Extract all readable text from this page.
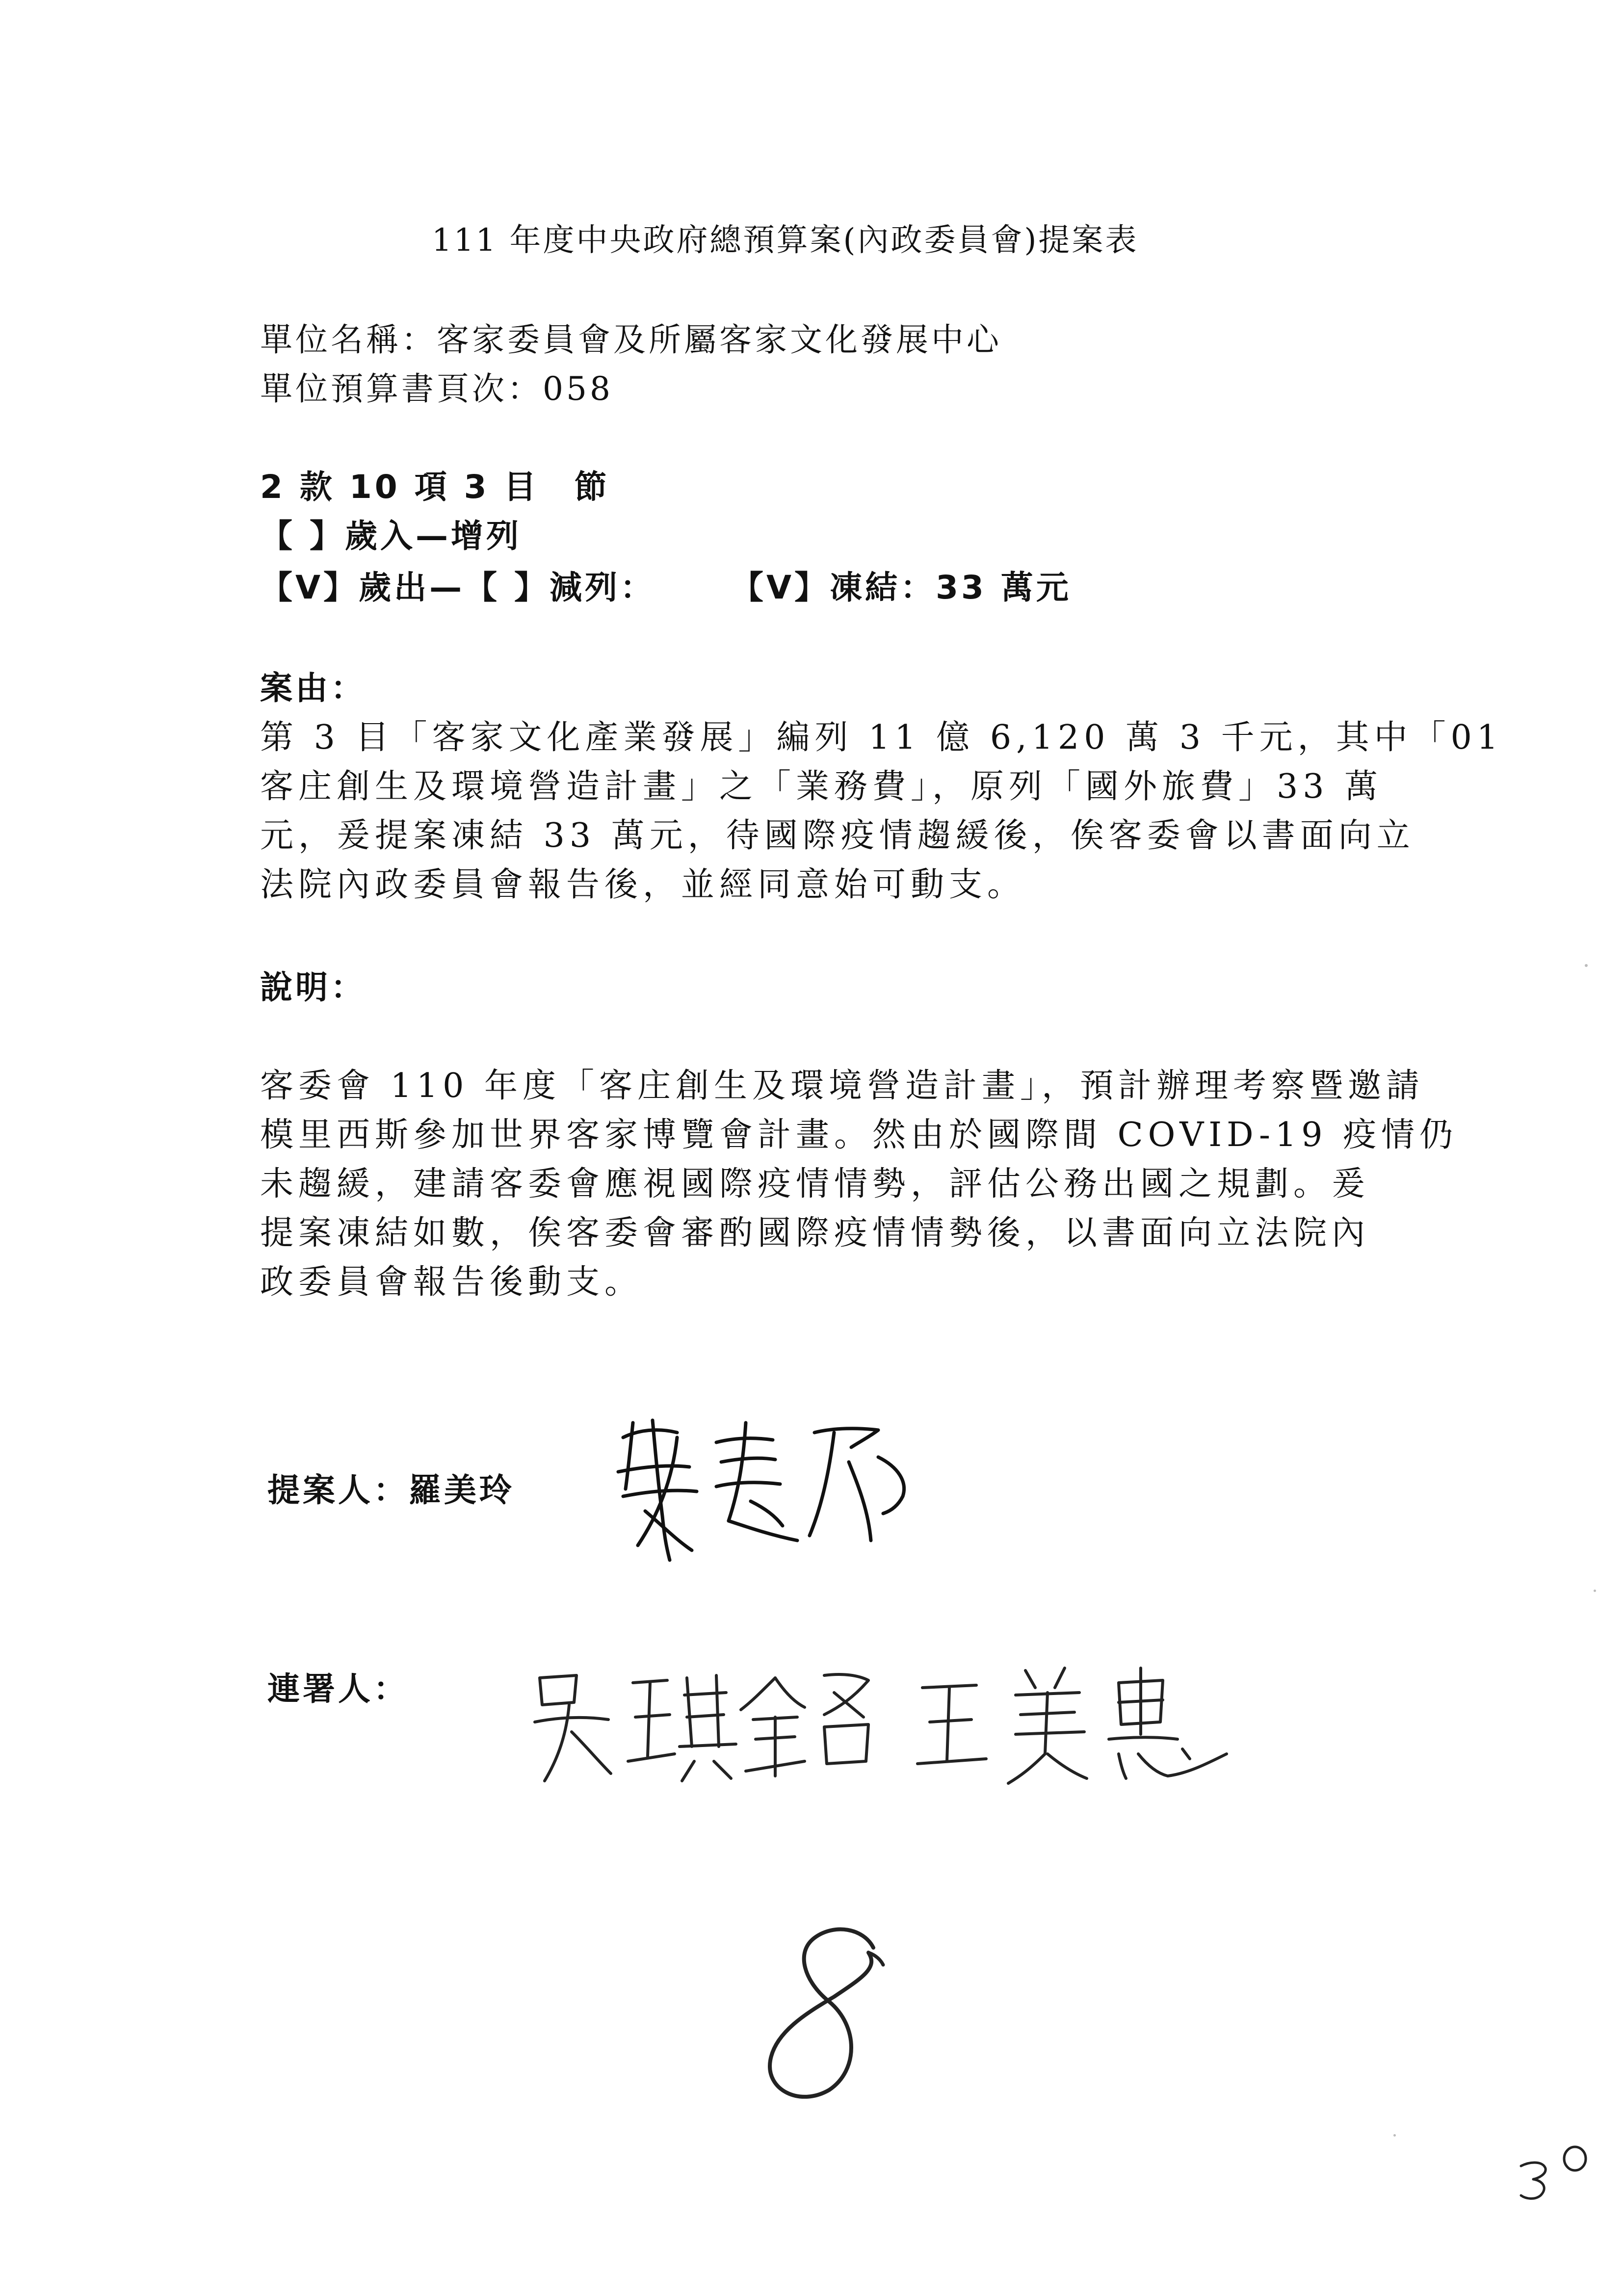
111 年度中央政府總預算案(內政委員會)提案表
單位名稱：客家委員會及所屬客家文化發展中心
單位預算書頁次：058
2 款 10 項 3 目　節
【 】歲入—增列
【V】歲出—【 】減列： 【V】凍結：33 萬元
案由：
第 3 目「客家文化產業發展」編列 11 億 6,120 萬 3 千元，其中「01
客庄創生及環境營造計畫」之「業務費」，原列「國外旅費」33 萬
元，爰提案凍結 33 萬元，待國際疫情趨緩後，俟客委會以書面向立
法院內政委員會報告後，並經同意始可動支。
說明：
客委會 110 年度「客庄創生及環境營造計畫」，預計辦理考察暨邀請
模里西斯參加世界客家博覽會計畫。然由於國際間 COVID-19 疫情仍
未趨緩，建請客委會應視國際疫情情勢，評估公務出國之規劃。爰
提案凍結如數，俟客委會審酌國際疫情情勢後，以書面向立法院內
政委員會報告後動支。
提案人：羅美玲
連署人：
